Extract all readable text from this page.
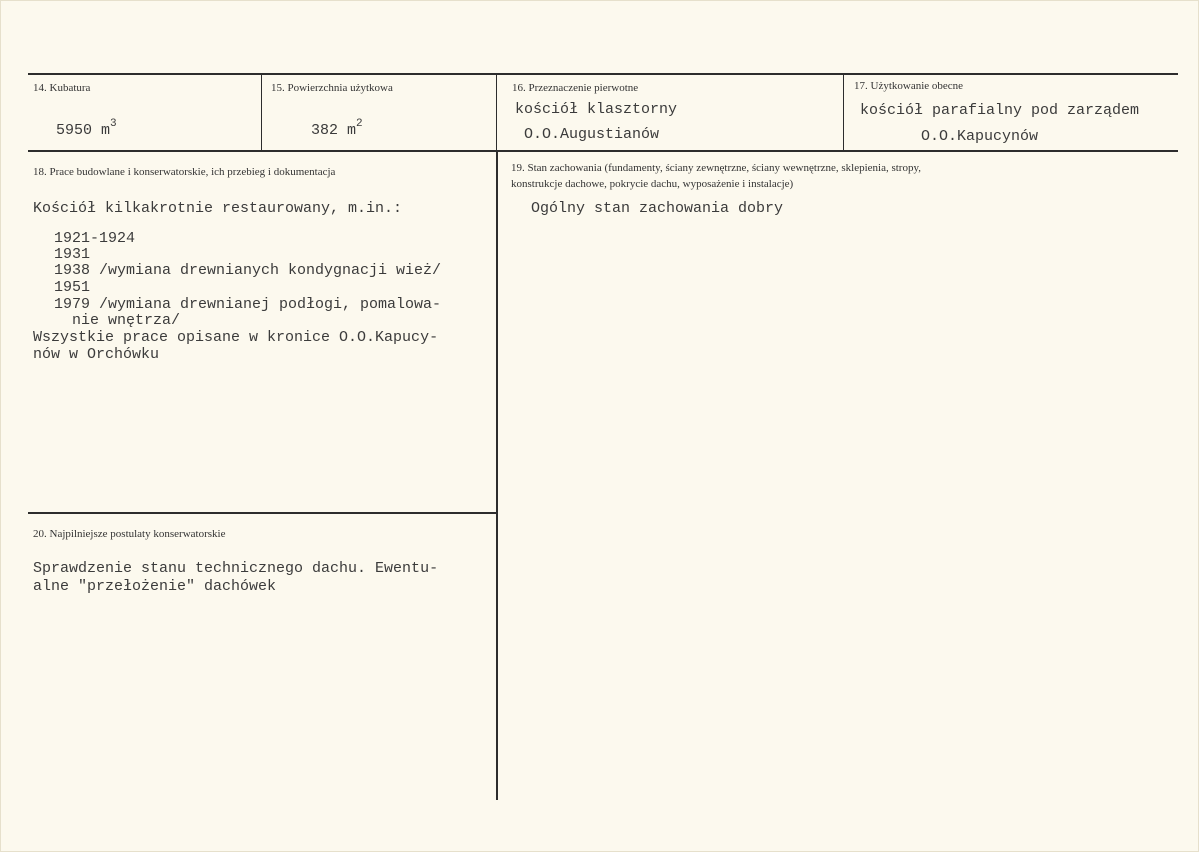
14. Kubatura
5950 $m^3$
15. Powierzchnia użytkowa
382 $m^2$
16. Przeznaczenie pierwotne
kościół klasztorny
O.O.Augustianów
17. Użytkowanie obecne
kościół parafialny pod zarządem
O.O.Kapucynów
18. Prace budowlane i konserwatorskie, ich przebieg i dokumentacja
Kościół kilkakrotnie restaurowany, m.in.:
1921-1924
1931
1938 /wymiana drewnianych kondygnacji wież/
1951
1979 /wymiana drewnianej podłogi, pomalowa-
nie wnętrza/
Wszystkie prace opisane w kronice O.O.Kapucy-
nów w Orchówku
19. Stan zachowania (fundamenty, ściany zewnętrzne, ściany wewnętrzne, sklepienia, stropy,
konstrukcje dachowe, pokrycie dachu, wyposażenie i instalacje)
Ogólny stan zachowania dobry
20. Najpilniejsze postulaty konserwatorskie
Sprawdzenie stanu technicznego dachu. Ewentu-
alne "przełożenie" dachówek
